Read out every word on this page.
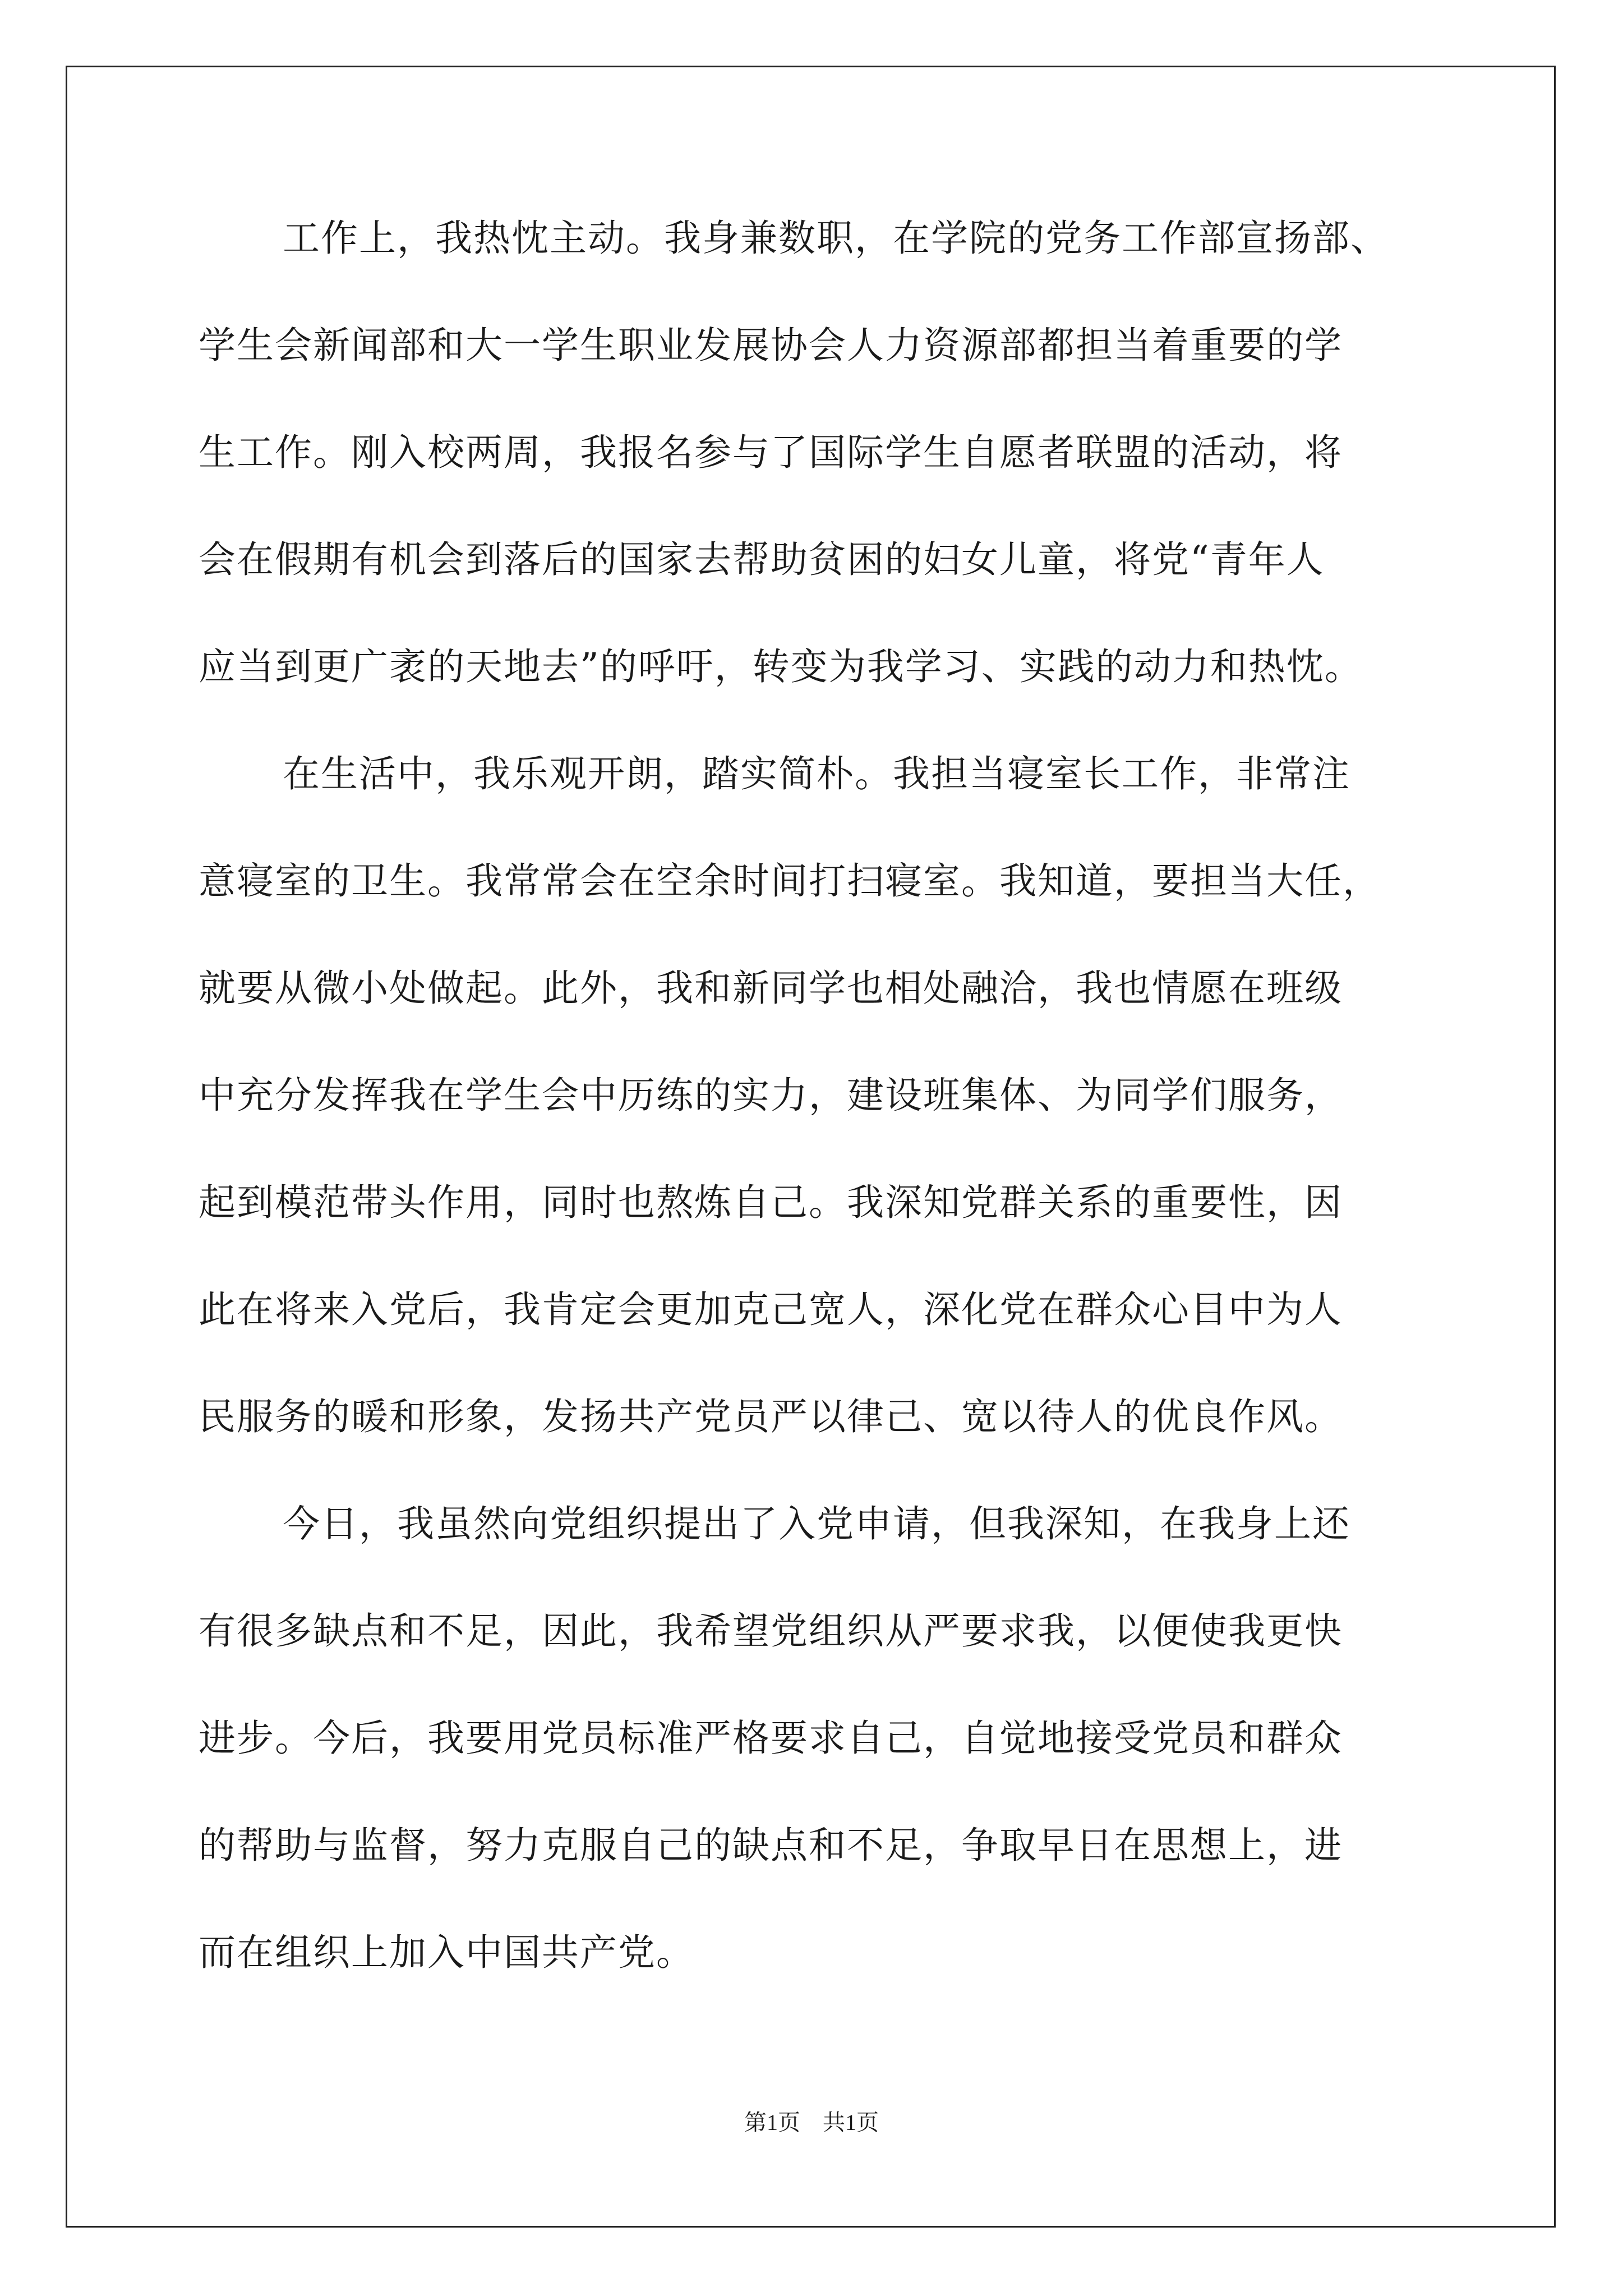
工作上，我热忱主动。我身兼数职，在学院的党务工作部宣扬部、
学生会新闻部和大一学生职业发展协会人力资源部都担当着重要的学
生工作。刚入校两周，我报名参与了国际学生自愿者联盟的活动，将
会在假期有机会到落后的国家去帮助贫困的妇女儿童，将党“青年人
应当到更广袤的天地去”的呼吁，转变为我学习、实践的动力和热忱。
在生活中，我乐观开朗，踏实简朴。我担当寝室长工作，非常注
意寝室的卫生。我常常会在空余时间打扫寝室。我知道，要担当大任，
就要从微小处做起。此外，我和新同学也相处融洽，我也情愿在班级
中充分发挥我在学生会中历练的实力，建设班集体、为同学们服务，
起到模范带头作用，同时也熬炼自己。我深知党群关系的重要性，因
此在将来入党后，我肯定会更加克己宽人，深化党在群众心目中为人
民服务的暖和形象，发扬共产党员严以律己、宽以待人的优良作风。
今日，我虽然向党组织提出了入党申请，但我深知，在我身上还
有很多缺点和不足，因此，我希望党组织从严要求我，以便使我更快
进步。今后，我要用党员标准严格要求自己，自觉地接受党员和群众
的帮助与监督，努力克服自己的缺点和不足，争取早日在思想上，进
而在组织上加入中国共产党。
第1页　共1页
